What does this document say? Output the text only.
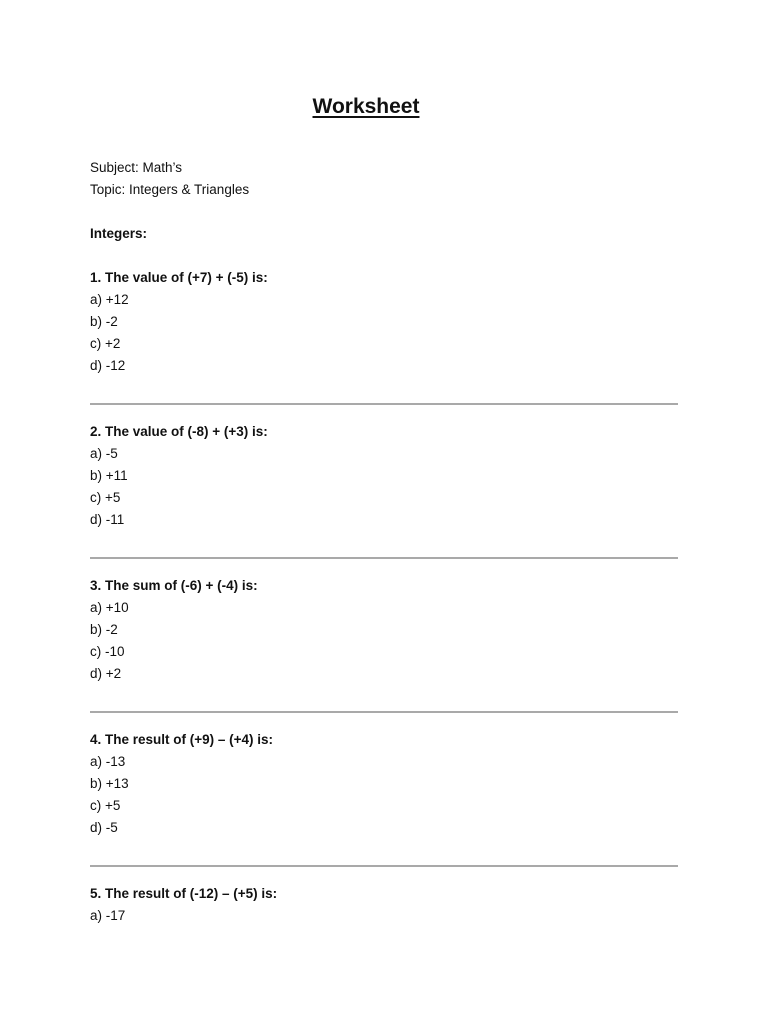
Worksheet
Subject: Math’s
Topic: Integers & Triangles
Integers:
1. The value of (+7) + (-5) is:
a) +12
b) -2
c) +2
d) -12
2. The value of (-8) + (+3) is:
a) -5
b) +11
c) +5
d) -11
3. The sum of (-6) + (-4) is:
a) +10
b) -2
c) -10
d) +2
4. The result of (+9) – (+4) is:
a) -13
b) +13
c) +5
d) -5
5. The result of (-12) – (+5) is:
a) -17
